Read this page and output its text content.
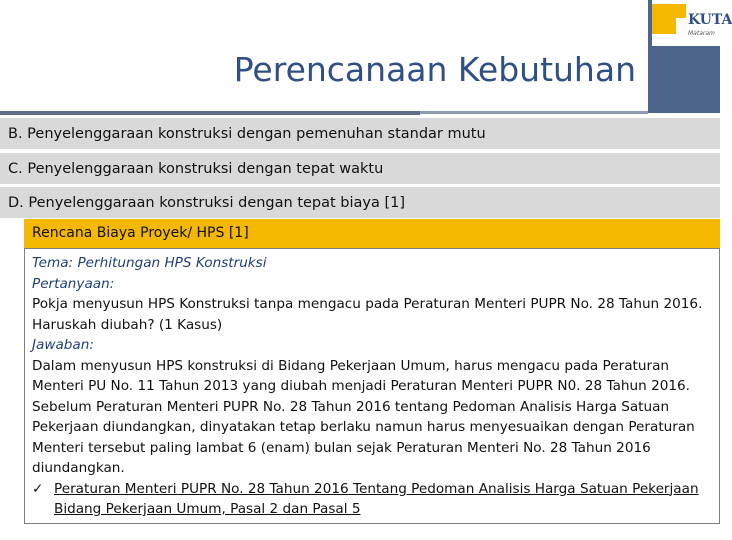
KUTA
Mataram
Perencanaan Kebutuhan
B. Penyelenggaraan konstruksi dengan pemenuhan standar mutu
C. Penyelenggaraan konstruksi dengan tepat waktu
D. Penyelenggaraan konstruksi dengan tepat biaya [1]
Rencana Biaya Proyek/ HPS [1]
Tema: Perhitungan HPS Konstruksi
Pertanyaan:
Pokja menyusun HPS Konstruksi tanpa mengacu pada Peraturan Menteri PUPR No. 28 Tahun 2016.
Haruskah diubah? (1 Kasus)
Jawaban:
Dalam menyusun HPS konstruksi di Bidang Pekerjaan Umum, harus mengacu pada Peraturan
Menteri PU No. 11 Tahun 2013 yang diubah menjadi Peraturan Menteri PUPR N0. 28 Tahun 2016.
Sebelum Peraturan Menteri PUPR No. 28 Tahun 2016 tentang Pedoman Analisis Harga Satuan
Pekerjaan diundangkan, dinyatakan tetap berlaku namun harus menyesuaikan dengan Peraturan
Menteri tersebut paling lambat 6 (enam) bulan sejak Peraturan Menteri No. 28 Tahun 2016
diundangkan.
✓ Peraturan Menteri PUPR No. 28 Tahun 2016 Tentang Pedoman Analisis Harga Satuan Pekerjaan
Bidang Pekerjaan Umum, Pasal 2 dan Pasal 5
